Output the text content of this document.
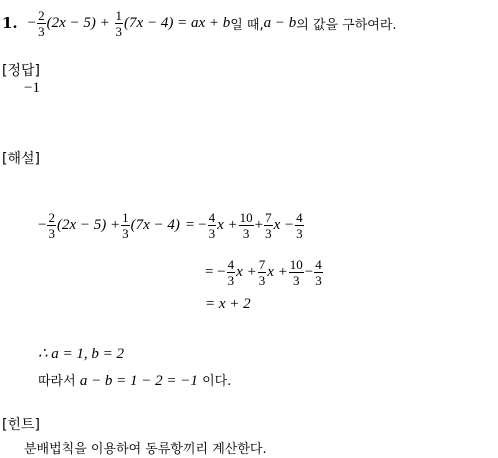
1. − $\frac{2}{3} (2x - 5) + \frac{1}{3} (7x - 4)$ = ax + b 일 때, a − b 의 값을 구하여라.
[정답]
−1
[해설]
− $\frac{2}{3} (2x - 5) + \frac{1}{3} (7x - 4)$ = − $\frac{4}{3}$ $x + \frac{10}{3} + \frac{7}{3}$ $x - \frac{4}{3}$
= − $\frac{4}{3}$ $x + \frac{7}{3}$ $x + \frac{10}{3} - \frac{4}{3}$
= x + 2
∴ a = 1, b = 2
따라서 a − b = 1 − 2 = −1 이다.
[힌트]
분배법칙을 이용하여 동류항끼리 계산한다.
